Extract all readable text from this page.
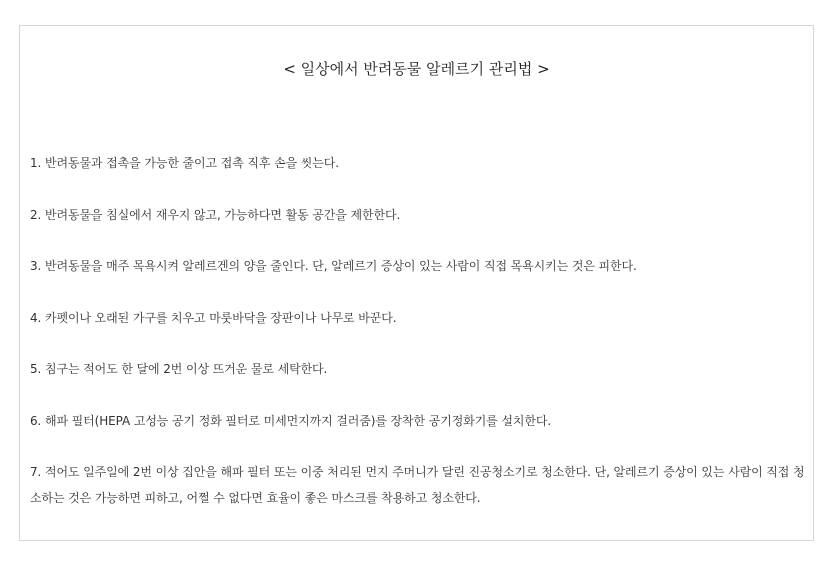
< 일상에서 반려동물 알레르기 관리법 >
1. 반려동물과 접촉을 가능한 줄이고 접촉 직후 손을 씻는다.
2. 반려동물을 침실에서 재우지 않고, 가능하다면 활동 공간을 제한한다.
3. 반려동물을 매주 목욕시켜 알레르겐의 양을 줄인다. 단, 알레르기 증상이 있는 사람이 직접 목욕시키는 것은 피한다.
4. 카펫이나 오래된 가구를 치우고 마룻바닥을 장판이나 나무로 바꾼다.
5. 침구는 적어도 한 달에 2번 이상 뜨거운 물로 세탁한다.
6. 해파 필터(HEPA 고성능 공기 정화 필터로 미세먼지까지 걸러줌)를 장착한 공기정화기를 설치한다.
7. 적어도 일주일에 2번 이상 집안을 해파 필터 또는 이중 처리된 먼지 주머니가 달린 진공청소기로 청소한다. 단, 알레르기 증상이 있는 사람이 직접 청소하는 것은 가능하면 피하고, 어쩔 수 없다면 효율이 좋은 마스크를 착용하고 청소한다.
